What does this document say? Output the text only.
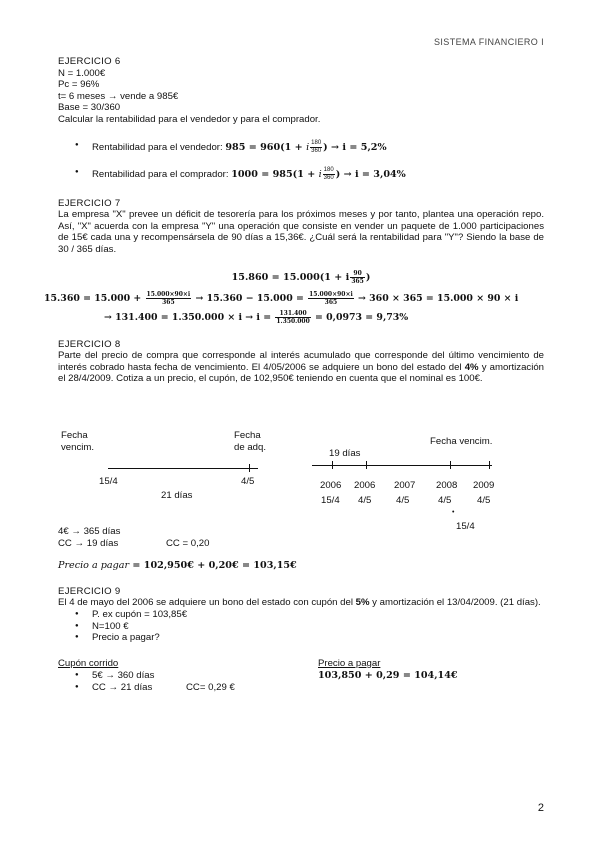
SISTEMA FINANCIERO I
EJERCICIO 6
N = 1.000€
Pc = 96%
t= 6 meses → vende a 985€
Base = 30/360
Calcular la rentabilidad para el vendedor y para el comprador.
● Rentabilidad para el vendedor: 985 = 960(1 + i $\frac{180}{360}$ ) → i = 5,2%
● Rentabilidad para el comprador: 1000 = 985(1 + i $\frac{180}{360}$ ) → i = 3,04%
EJERCICIO 7
La empresa "X" prevee un déficit de tesorería para los próximos meses y por tanto, plantea una operación repo. Así, "X" acuerda con la empresa "Y" una operación que consiste en vender un paquete de 1.000 participaciones de 15€ cada una y recompensársela de 90 días a 15,36€. ¿Cuál será la rentabilidad para "Y"? Siendo la base de 30 / 365 días.
15.860 = 15.000(1 + i $\frac{90}{365}$ )
$15.360 = 15.000 + \frac{15.000\times 90\times i}{365} \to 15.360 - 15.000 = \frac{15.000\times 90\times i}{365} \to 360 \times 365 = 15.000 \times 90 \times i$
→ $131.400 = 1.350.000 \times i \to i = \frac{131.400}{1.350.000} = 0,0973 = 9,73\%$
EJERCICIO 8
Parte del precio de compra que corresponde al interés acumulado que corresponde del último vencimiento de interés cobrado hasta fecha de vencimiento. El 4/05/2006 se adquiere un bono del estado del 4% y amortización el 28/4/2009. Cotiza a un precio, el cupón, de 102,950€ teniendo en cuenta que el nominal es 100€.
Fecha
vencim.
Fecha
de adq.
15/4	4/5
21 días
Fecha vencim.
19 días
2006 2006 2007 2008 2009
15/4 4/5	4/5	4/5	4/5
•
15/4
4€ → 365 días
CC → 19 días	CC = 0,20
Precio a pagar = 102,950€ + 0,20€ = 103,15€
EJERCICIO 9
El 4 de mayo del 2006 se adquiere un bono del estado con cupón del 5% y amortización el 13/04/2009. (21 días).
● P. ex cupón = 103,85€
● N=100 €
● Precio a pagar?
Cupón corrido	Precio a pagar
● 5€ → 360 días	103,850 + 0,29 = 104,14€
● CC → 21 días	CC= 0,29 €
2
